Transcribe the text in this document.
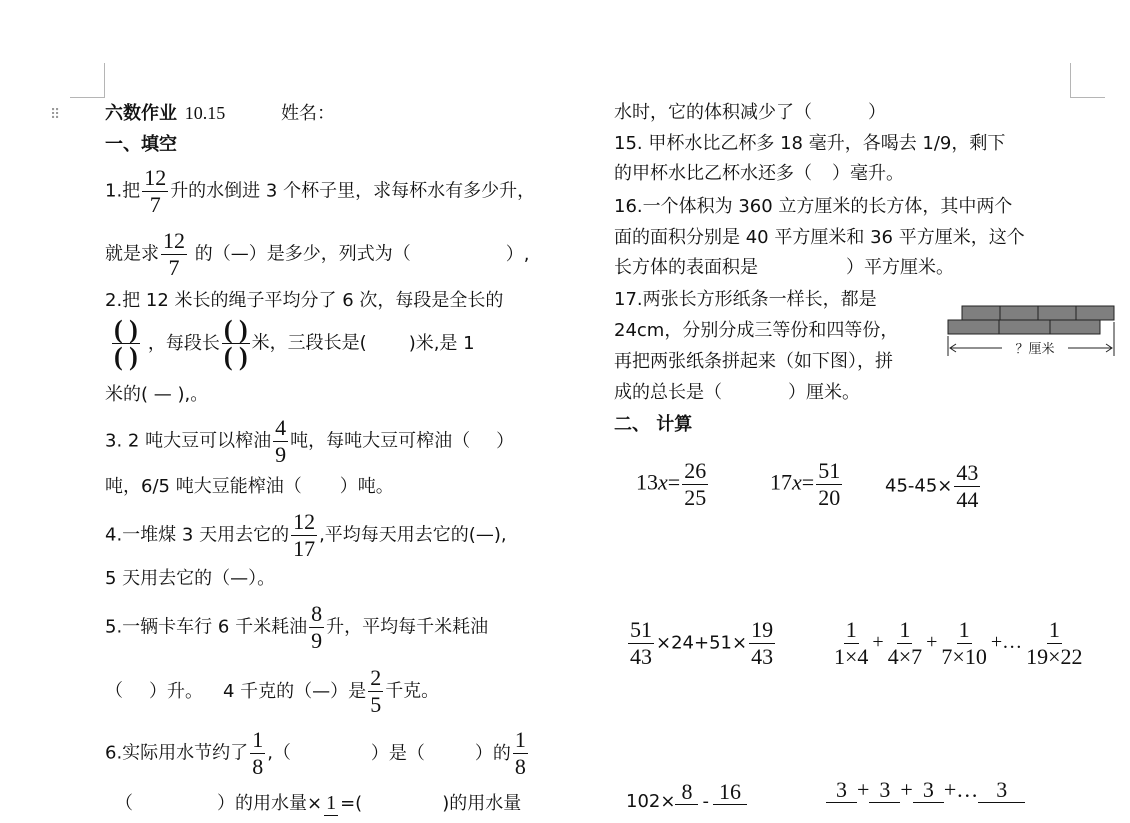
⠿ 六数作业 10.15	姓名：
一、填空
1.把 $\frac{12}{7}$ 升的水倒进 3 个杯子里，求每杯水有多少升，
就是求 $\frac{12}{7}$ 的（—）是多少，列式为（	）,
2.把 12 米长的绳子平均分了 6 次，每段是全长的
$\frac{( )}{( )}$ ，每段长 $\frac{( )}{( )}$ 米，三段长是( )米,是 1
米的( — ),。
3. 2 吨大豆可以榨油 $\frac{4}{9}$ 吨，每吨大豆可榨油（ ）
吨，6/5 吨大豆能榨油（ ）吨。
4.一堆煤 3 天用去它的 $\frac{12}{17}$ ,平均每天用去它的(—),
5 天用去它的（—）。
5.一辆卡车行 6 千米耗油 $\frac{8}{9}$ 升，平均每千米耗油
（ ）升。 4 千克的（—）是 $\frac{2}{5}$ 千克。
6.实际用水节约了 $\frac{1}{8}$ ,（	）是（	）的 $\frac{1}{8}$
（	）的用水量× 1 =(	)的用水量
水时，它的体积减少了（	）
15. 甲杯水比乙杯多 18 毫升，各喝去 1/9，剩下
的甲杯水比乙杯水还多（ ）毫升。
16.一个体积为 360 立方厘米的长方体，其中两个
面的面积分别是 40 平方厘米和 36 平方厘米，这个
长方体的表面积是	）平方厘米。
17.两张长方形纸条一样长，都是
24cm，分别分成三等份和四等份，
再把两张纸条拼起来（如下图），拼
成的总长是（	）厘米。
？厘米
二、 计算
$13x= \frac{26}{25}$	$17x= \frac{51}{20} 45-45\times \frac{43}{44}$
$\frac{51}{43} \times 24+51\times \frac{19}{43}$	$\frac{1}{1\times 4} + \frac{1}{4\times 7} + \frac{1}{7\times 10}$ +… $\frac{1}{19\times 22}$
102× 8 - 16	3 + 3 + 3 +… 3
